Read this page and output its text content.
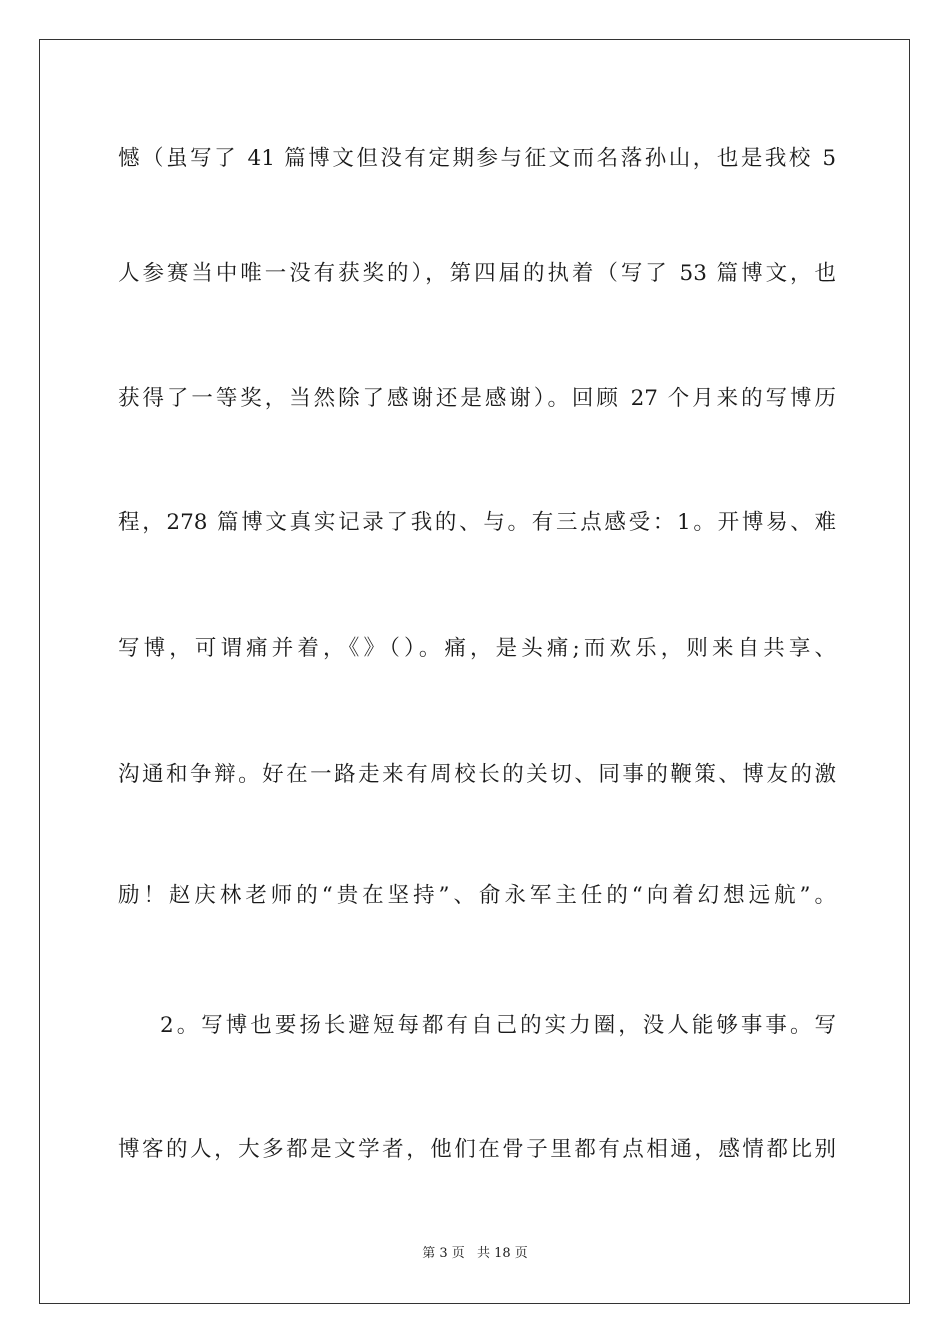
憾（虽写了 41 篇博文但没有定期参与征文而名落孙山，也是我校 5
人参赛当中唯一没有获奖的），第四届的执着（写了 53 篇博文，也
获得了一等奖，当然除了感谢还是感谢）。回顾 27 个月来的写博历
程，278 篇博文真实记录了我的、与。有三点感受：1。开博易、难
写博，可谓痛并着，《》（）。痛，是头痛;而欢乐，则来自共享、
沟通和争辩。好在一路走来有周校长的关切、同事的鞭策、博友的激
励！赵庆林老师的“贵在坚持”、俞永军主任的“向着幻想远航”。
2。写博也要扬长避短每都有自己的实力圈，没人能够事事。写
博客的人，大多都是文学者，他们在骨子里都有点相通，感情都比别
第 3 页 共 18 页
